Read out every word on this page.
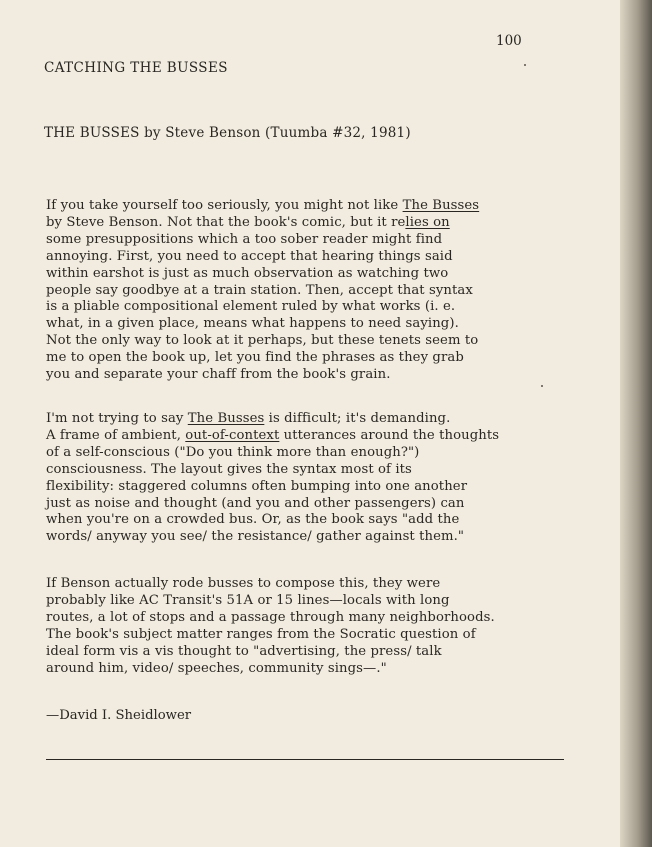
100
CATCHING THE BUSSES
THE BUSSES by Steve Benson (Tuumba #32, 1981)

If you take yourself too seriously, you might not like The Busses
by Steve Benson. Not that the book's comic, but it relies on
some presuppositions which a too sober reader might find
annoying. First, you need to accept that hearing things said
within earshot is just as much observation as watching two
people say goodbye at a train station. Then, accept that syntax
is a pliable compositional element ruled by what works (i. e.
what, in a given place, means what happens to need saying).
Not the only way to look at it perhaps, but these tenets seem to
me to open the book up, let you find the phrases as they grab
you and separate your chaff from the book's grain.

I'm not trying to say The Busses is difficult; it's demanding.
A frame of ambient, out-of-context utterances around the thoughts
of a self-conscious ("Do you think more than enough?")
consciousness. The layout gives the syntax most of its
flexibility: staggered columns often bumping into one another
just as noise and thought (and you and other passengers) can
when you're on a crowded bus. Or, as the book says "add the
words/ anyway you see/ the resistance/ gather against them."

If Benson actually rode busses to compose this, they were
probably like AC Transit's 51A or 15 lines—locals with long
routes, a lot of stops and a passage through many neighborhoods.
The book's subject matter ranges from the Socratic question of
ideal form vis a vis thought to "advertising, the press/ talk
around him, video/ speeches, community sings—."

—David I. Sheidlower
